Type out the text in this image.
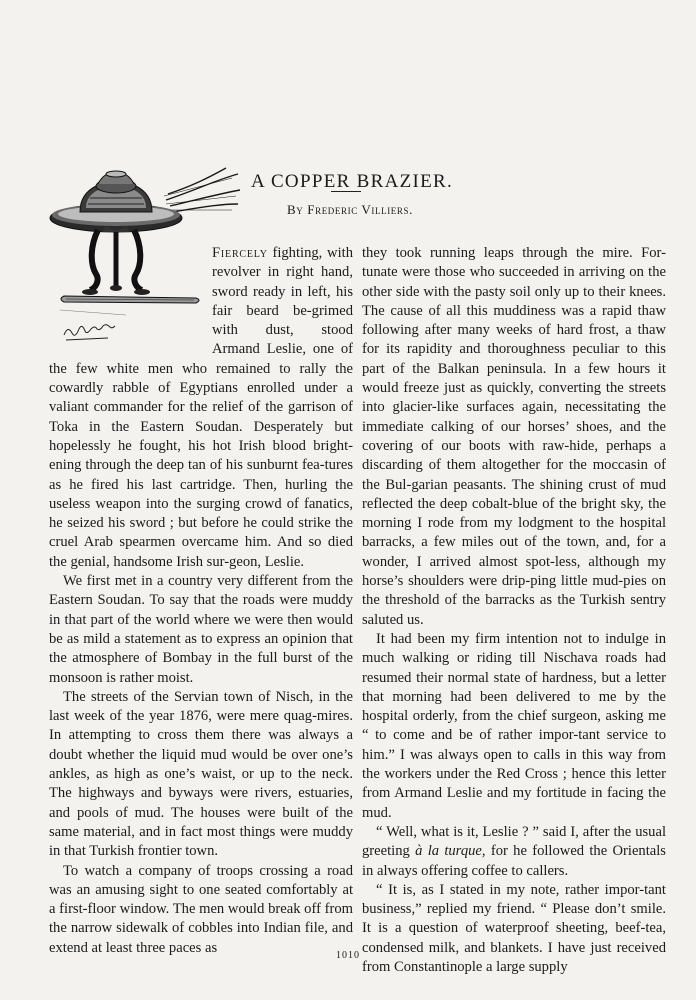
A COPPER BRAZIER.
By Frederic Villiers.

Fiercely fighting, with revolver in right hand, sword ready in left, his fair beard be-grimed with dust, stood Armand Leslie, one of the few white men who remained to rally the cowardly rabble of Egyptians enrolled under a valiant commander for the relief of the garrison of Toka in the Eastern Soudan. Desperately but hopelessly he fought, his hot Irish blood bright-ening through the deep tan of his sunburnt fea-tures as he fired his last cartridge. Then, hurling the useless weapon into the surging crowd of fanatics, he seized his sword ; but before he could strike the cruel Arab spearmen overcame him. And so died the genial, handsome Irish sur-geon, Leslie.

We first met in a country very different from the Eastern Soudan. To say that the roads were muddy in that part of the world where we were then would be as mild a statement as to express an opinion that the atmosphere of Bombay in the full burst of the monsoon is rather moist.

The streets of the Servian town of Nisch, in the last week of the year 1876, were mere quag-mires. In attempting to cross them there was always a doubt whether the liquid mud would be over one’s ankles, as high as one’s waist, or up to the neck. The highways and byways were rivers, estuaries, and pools of mud. The houses were built of the same material, and in fact most things were muddy in that Turkish frontier town.

To watch a company of troops crossing a road was an amusing sight to one seated comfortably at a first-floor window. The men would break off from the narrow sidewalk of cobbles into Indian file, and extend at least three paces as

they took running leaps through the mire. For-tunate were those who succeeded in arriving on the other side with the pasty soil only up to their knees. The cause of all this muddiness was a rapid thaw following after many weeks of hard frost, a thaw for its rapidity and thoroughness peculiar to this part of the Balkan peninsula. In a few hours it would freeze just as quickly, converting the streets into glacier-like surfaces again, necessitating the immediate calking of our horses’ shoes, and the covering of our boots with raw-hide, perhaps a discarding of them altogether for the moccasin of the Bul-garian peasants. The shining crust of mud reflected the deep cobalt-blue of the bright sky, the morning I rode from my lodgment to the hospital barracks, a few miles out of the town, and, for a wonder, I arrived almost spot-less, although my horse’s shoulders were drip-ping little mud-pies on the threshold of the barracks as the Turkish sentry saluted us.

It had been my firm intention not to indulge in much walking or riding till Nischava roads had resumed their normal state of hardness, but a letter that morning had been delivered to me by the hospital orderly, from the chief surgeon, asking me “ to come and be of rather impor-tant service to him.” I was always open to calls in this way from the workers under the Red Cross ; hence this letter from Armand Leslie and my fortitude in facing the mud.

“ Well, what is it, Leslie ? ” said I, after the usual greeting à la turque, for he followed the Orientals in always offering coffee to callers.

“ It is, as I stated in my note, rather impor-tant business,” replied my friend. “ Please don’t smile. It is a question of waterproof sheeting, beef-tea, condensed milk, and blankets. I have just received from Constantinople a large supply

1010
